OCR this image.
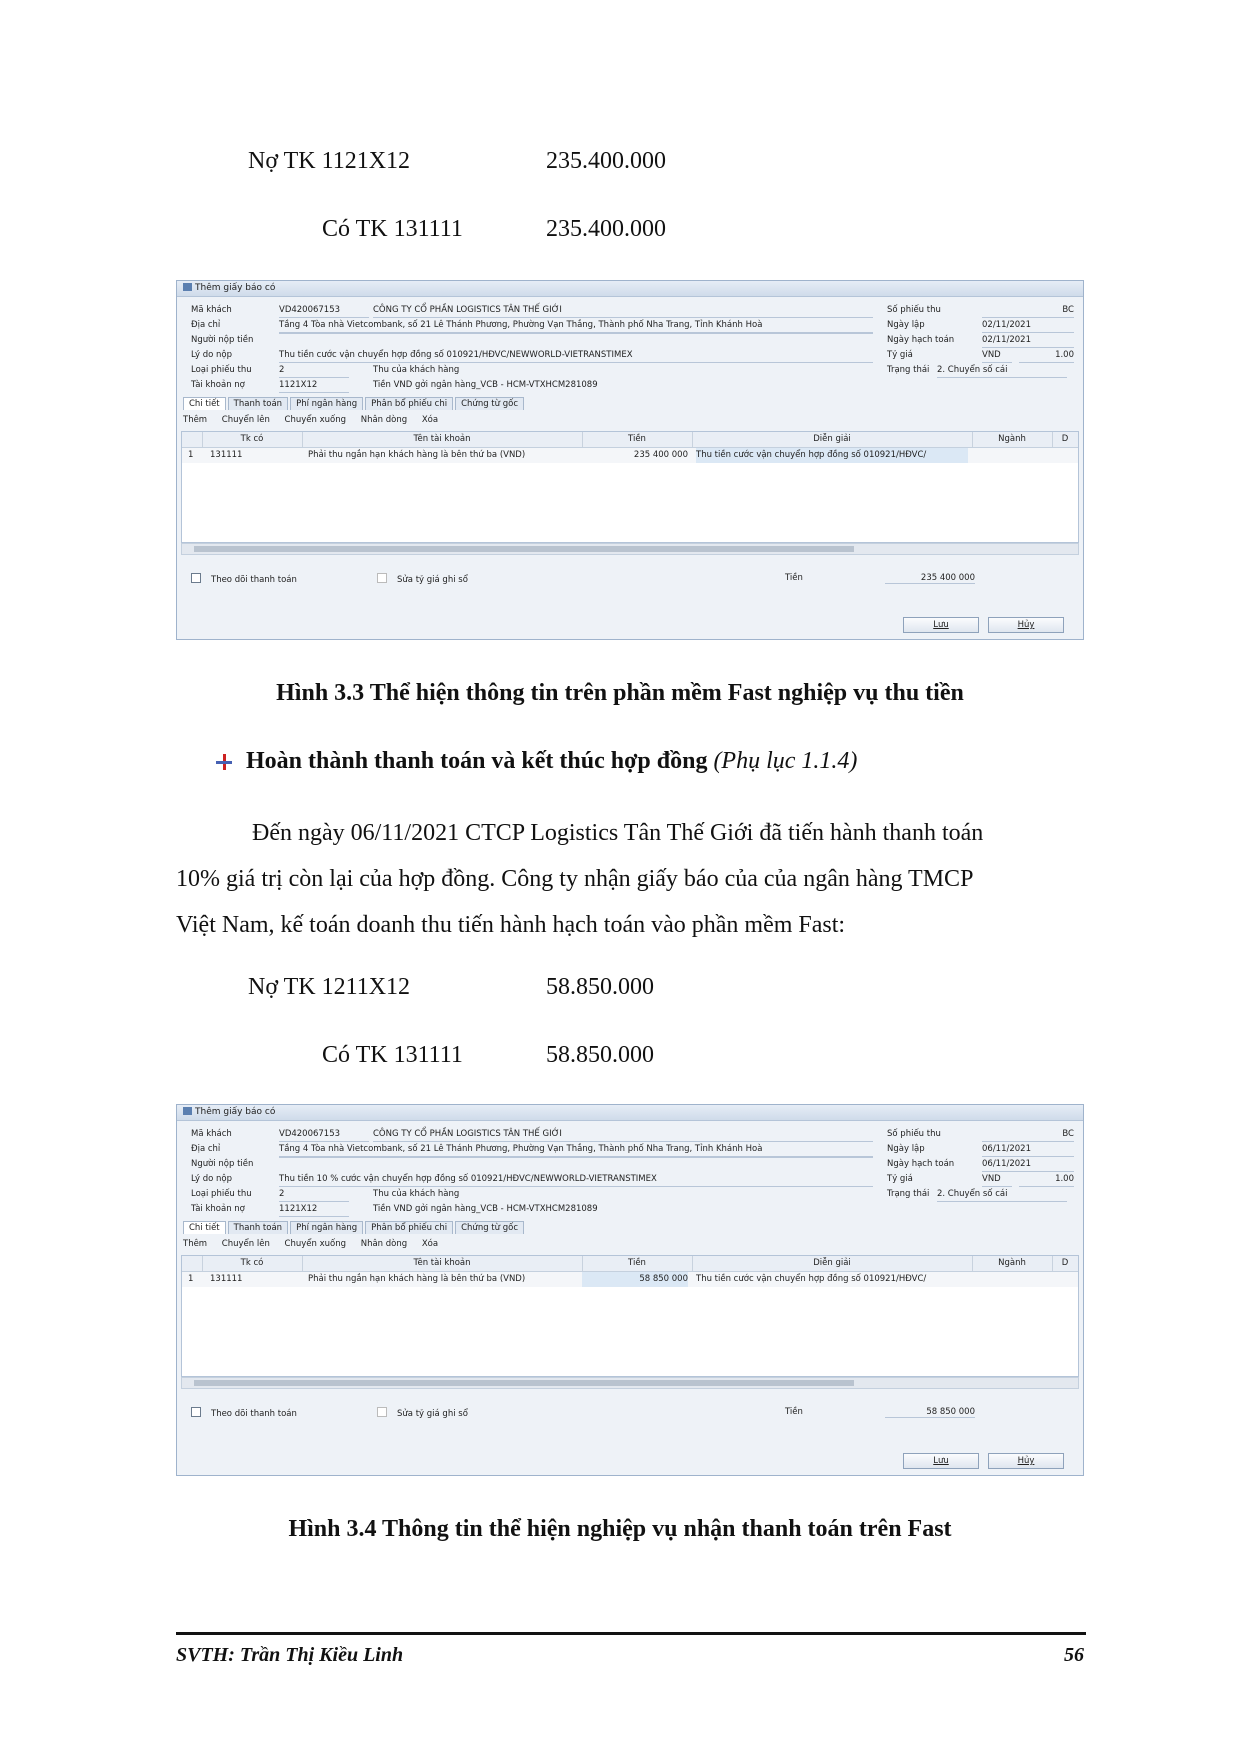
Nợ TK 1121X12	235.400.000
Có TK 131111	235.400.000
Thêm giấy báo có
Mã khách	VD420067153	CÔNG TY CỔ PHẦN LOGISTICS TÂN THẾ GIỚI	Số phiếu thu	BC
Địa chỉ	Tầng 4 Tòa nhà Vietcombank, số 21 Lê Thánh Phương, Phường Vạn Thắng, Thành phố Nha Trang, Tỉnh Khánh Hoà	Ngày lập	02/11/2021
Người nộp tiền	Ngày hạch toán	02/11/2021
Lý do nộp	Thu tiền cước vận chuyển hợp đồng số 010921/HĐVC/NEWWORLD-VIETRANSTIMEX	Tỷ giá	VND	1.00
Loại phiếu thu	2	Thu của khách hàng	Trạng thái 2. Chuyển số cái
Tài khoản nợ	1121X12	Tiền VND gởi ngân hàng_VCB - HCM-VTXHCM281089
Chi tiết Thanh toán Phí ngân hàng Phân bổ phiếu chi Chứng từ gốc
Thêm Chuyển lên Chuyển xuống Nhân dòng Xóa
Tk có	Tên tài khoản	Tiền	Diễn giải	Ngành	D
1 131111	Phải thu ngắn hạn khách hàng là bên thứ ba (VND)	235 400 000 Thu tiền cước vận chuyển hợp đồng số 010921/HĐVC/
Theo dõi thanh toán	Sửa tỷ giá ghi sổ	Tiền	235 400 000
Lưu	Hủy
Hình 3.3 Thể hiện thông tin trên phần mềm Fast nghiệp vụ thu tiền
Hoàn thành thanh toán và kết thúc hợp đồng (Phụ lục 1.1.4)
Đến ngày 06/11/2021 CTCP Logistics Tân Thế Giới đã tiến hành thanh toán
10% giá trị còn lại của hợp đồng. Công ty nhận giấy báo của của ngân hàng TMCP
Việt Nam, kế toán doanh thu tiến hành hạch toán vào phần mềm Fast:
Nợ TK 1211X12	58.850.000
Có TK 131111	58.850.000
Thêm giấy báo có
Mã khách	VD420067153	CÔNG TY CỔ PHẦN LOGISTICS TÂN THẾ GIỚI	Số phiếu thu	BC
Địa chỉ	Tầng 4 Tòa nhà Vietcombank, số 21 Lê Thánh Phương, Phường Vạn Thắng, Thành phố Nha Trang, Tỉnh Khánh Hoà	Ngày lập	06/11/2021
Người nộp tiền	Ngày hạch toán	06/11/2021
Lý do nộp	Thu tiền 10 % cước vận chuyển hợp đồng số 010921/HĐVC/NEWWORLD-VIETRANSTIMEX	Tỷ giá	VND	1.00
Loại phiếu thu	2	Thu của khách hàng	Trạng thái 2. Chuyển số cái
Tài khoản nợ	1121X12	Tiền VND gởi ngân hàng_VCB - HCM-VTXHCM281089
Chi tiết Thanh toán Phí ngân hàng Phân bổ phiếu chi Chứng từ gốc
Thêm Chuyển lên Chuyển xuống Nhân dòng Xóa
Tk có	Tên tài khoản	Tiền	Diễn giải	Ngành	D
1 131111	Phải thu ngắn hạn khách hàng là bên thứ ba (VND)	58 850 000 Thu tiền cước vận chuyển hợp đồng số 010921/HĐVC/
Theo dõi thanh toán	Sửa tỷ giá ghi sổ	Tiền	58 850 000
Lưu	Hủy
Hình 3.4 Thông tin thể hiện nghiệp vụ nhận thanh toán trên Fast
SVTH: Trần Thị Kiều Linh	56
